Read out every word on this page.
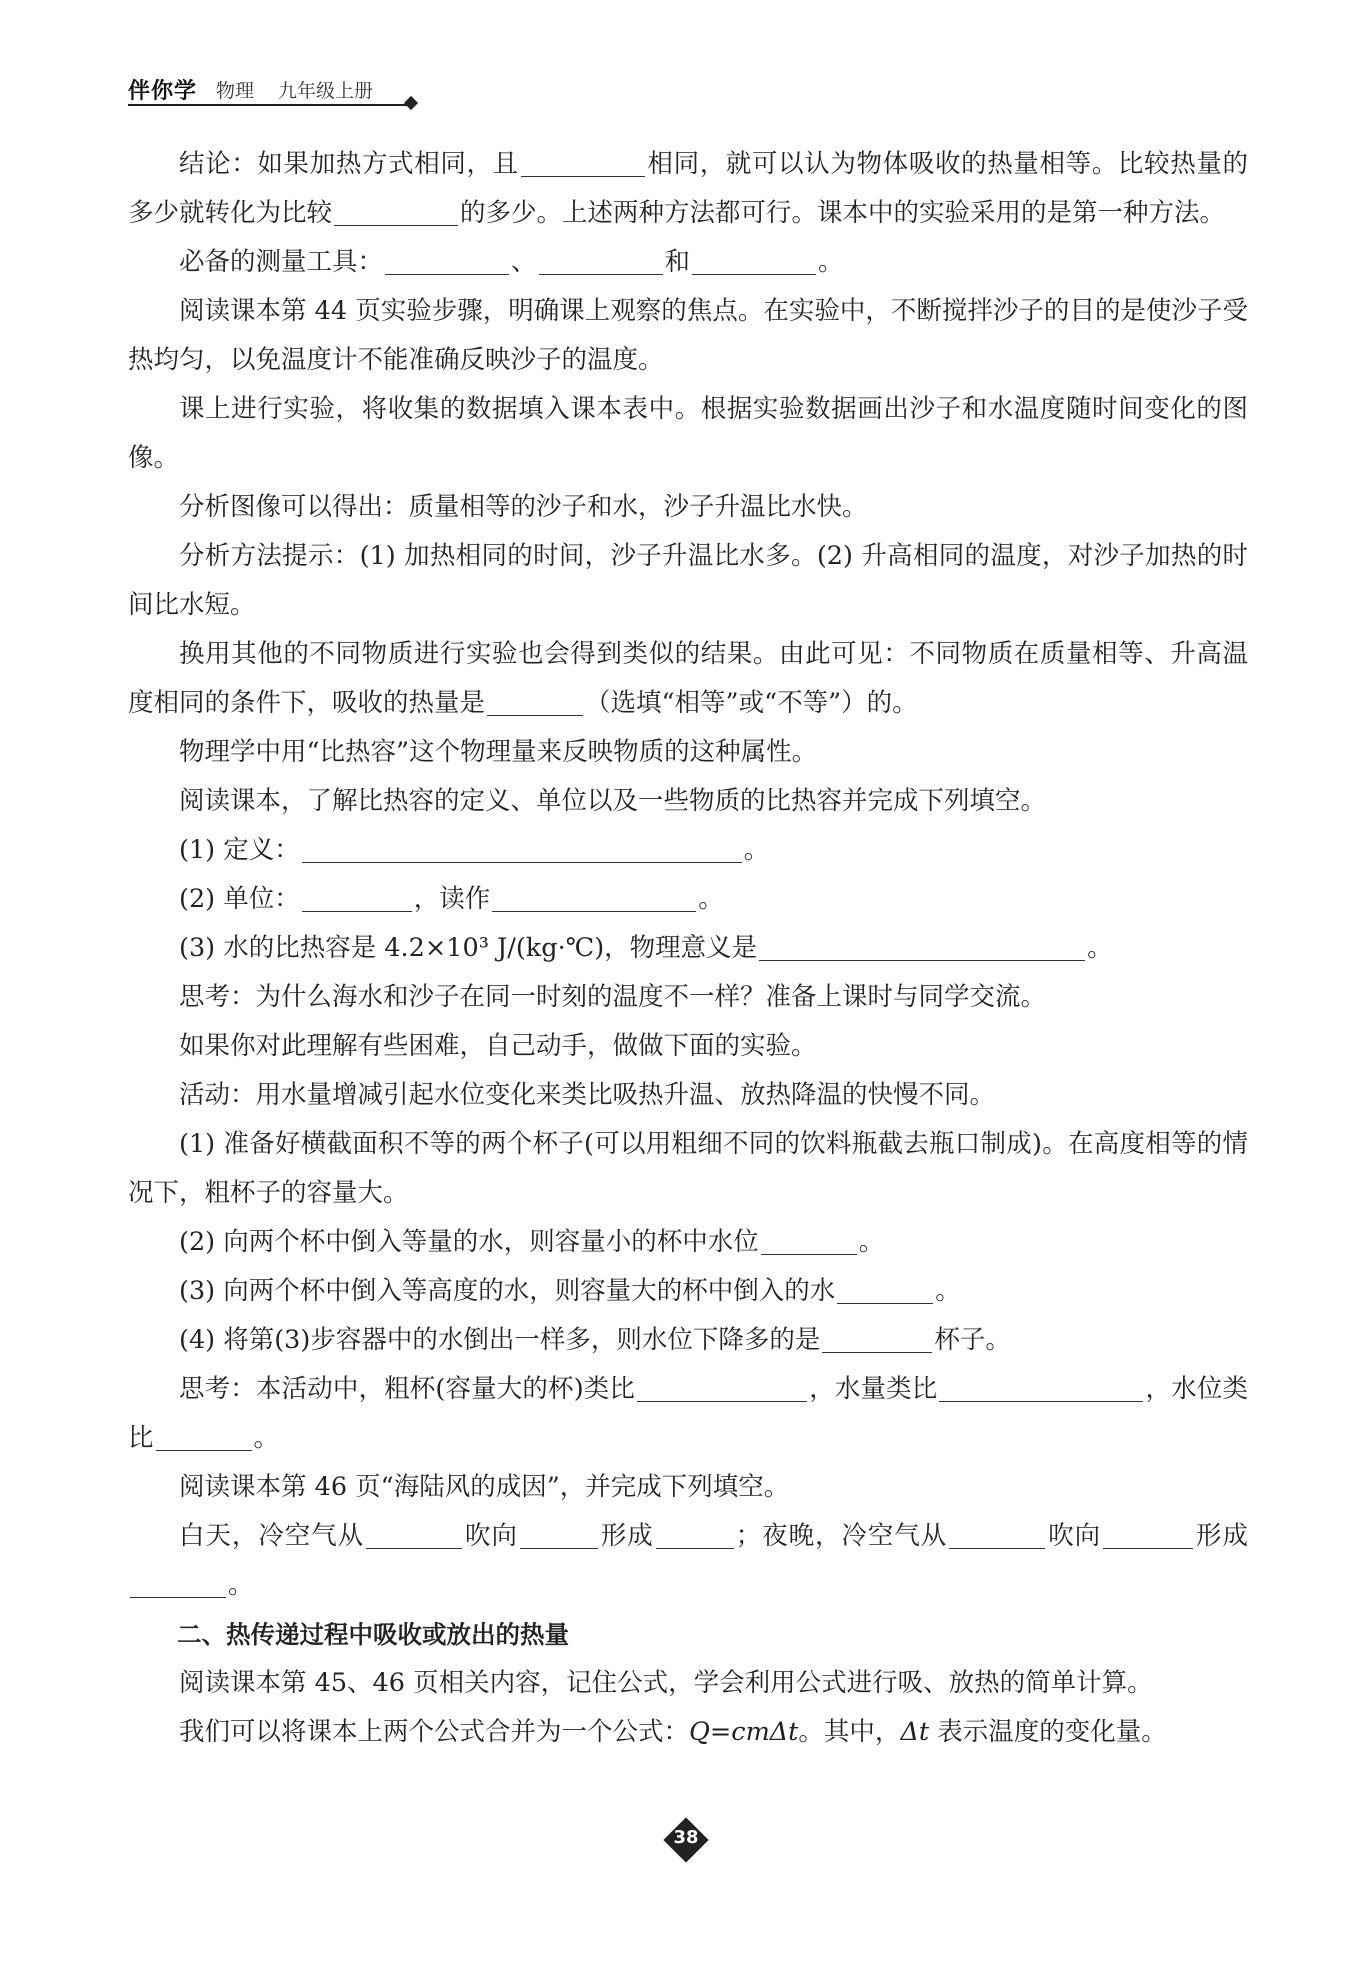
伴你学 物理 九年级上册

结论：如果加热方式相同，且	相同，就可以认为物体吸收的热量相等。比较热量的多少就转化为比较	的多少。上述两种方法都可行。课本中的实验采用的是第一种方法。

必备的测量工具：	、	和	。

阅读课本第 44 页实验步骤，明确课上观察的焦点。在实验中，不断搅拌沙子的目的是使沙子受热均匀，以免温度计不能准确反映沙子的温度。

课上进行实验，将收集的数据填入课本表中。根据实验数据画出沙子和水温度随时间变化的图像。

分析图像可以得出：质量相等的沙子和水，沙子升温比水快。

分析方法提示：(1) 加热相同的时间，沙子升温比水多。(2) 升高相同的温度，对沙子加热的时间比水短。

换用其他的不同物质进行实验也会得到类似的结果。由此可见：不同物质在质量相等、升高温度相同的条件下，吸收的热量是	（选填“相等”或“不等”）的。

物理学中用“比热容”这个物理量来反映物质的这种属性。

阅读课本，了解比热容的定义、单位以及一些物质的比热容并完成下列填空。

(1) 定义：	。

(2) 单位：	，读作	。

(3) 水的比热容是 4.2×10³ J/(kg·℃)，物理意义是	。

思考：为什么海水和沙子在同一时刻的温度不一样？准备上课时与同学交流。

如果你对此理解有些困难，自己动手，做做下面的实验。

活动：用水量增减引起水位变化来类比吸热升温、放热降温的快慢不同。

(1) 准备好横截面积不等的两个杯子(可以用粗细不同的饮料瓶截去瓶口制成)。在高度相等的情况下，粗杯子的容量大。

(2) 向两个杯中倒入等量的水，则容量小的杯中水位	。

(3) 向两个杯中倒入等高度的水，则容量大的杯中倒入的水	。

(4) 将第(3)步容器中的水倒出一样多，则水位下降多的是	杯子。

思考：本活动中，粗杯(容量大的杯)类比	，水量类比	，水位类比	。

阅读课本第 46 页“海陆风的成因”，并完成下列填空。

白天，冷空气从	吹向	形成	；夜晚，冷空气从	吹向	形成。

二、热传递过程中吸收或放出的热量

阅读课本第 45、46 页相关内容，记住公式，学会利用公式进行吸、放热的简单计算。

我们可以将课本上两个公式合并为一个公式：Q=cmΔt。其中，Δt 表示温度的变化量。

38
